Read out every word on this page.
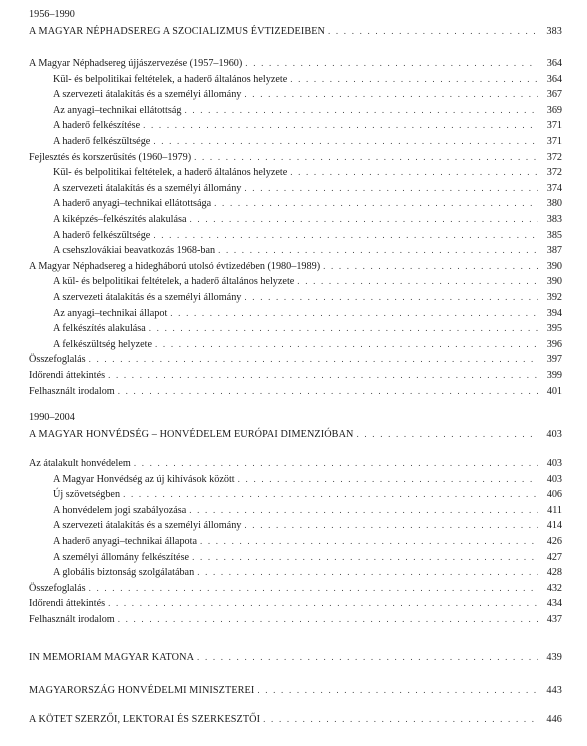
1956–1990
A MAGYAR NÉPHADSEREG A SZOCIALIZMUS ÉVTIZEDEIBEN . . .	383
A Magyar Néphadsereg újjászervezése (1957–1960) . . .	364
Kül- és belpolitikai feltételek, a haderő általános helyzete . . .	364
A szervezeti átalakítás és a személyi állomány . . .	367
Az anyagi–technikai ellátottság . . .	369
A haderő felkészítése . . .	371
A haderő felkészültsége . . .	371
Fejlesztés és korszerűsítés (1960–1979) . . .	372
Kül- és belpolitikai feltételek, a haderő általános helyzete . . .	372
A szervezeti átalakítás és a személyi állomány . . .	374
A haderő anyagi–technikai ellátottsága . . .	380
A kiképzés–felkészítés alakulása . . .	383
A haderő felkészültsége . . .	385
A csehszlovákiai beavatkozás 1968-ban . . .	387
A Magyar Néphadsereg a hidegháború utolsó évtizedében (1980–1989) . . .	390
A kül- és belpolitikai feltételek, a haderő általános helyzete . . .	390
A szervezeti átalakítás és a személyi állomány . . .	392
Az anyagi–technikai állapot . . .	394
A felkészítés alakulása . . .	395
A felkészültség helyzete . . .	396
Összefoglalás . . .	397
Időrendi áttekintés . . .	399
Felhasznált irodalom . . .	401
1990–2004
A MAGYAR HONVÉDSÉG – HONVÉDELEM EURÓPAI DIMENZIÓBAN . . .	403
Az átalakult honvédelem . . .	403
A Magyar Honvédség az új kihívások között . . .	403
Új szövetségben . . .	406
A honvédelem jogi szabályozása . . .	411
A szervezeti átalakítás és a személyi állomány . . .	414
A haderő anyagi–technikai állapota . . .	426
A személyi állomány felkészítése . . .	427
A globális biztonság szolgálatában . . .	428
Összefoglalás . . .	432
Időrendi áttekintés . . .	434
Felhasznált irodalom . . .	437
IN MEMORIAM MAGYAR KATONA . . .	439
MAGYARORSZÁG HONVÉDELMI MINISZTEREI . . .	443
A KÖTET SZERZŐI, LEKTORAI ÉS SZERKESZTŐI . . .	446
